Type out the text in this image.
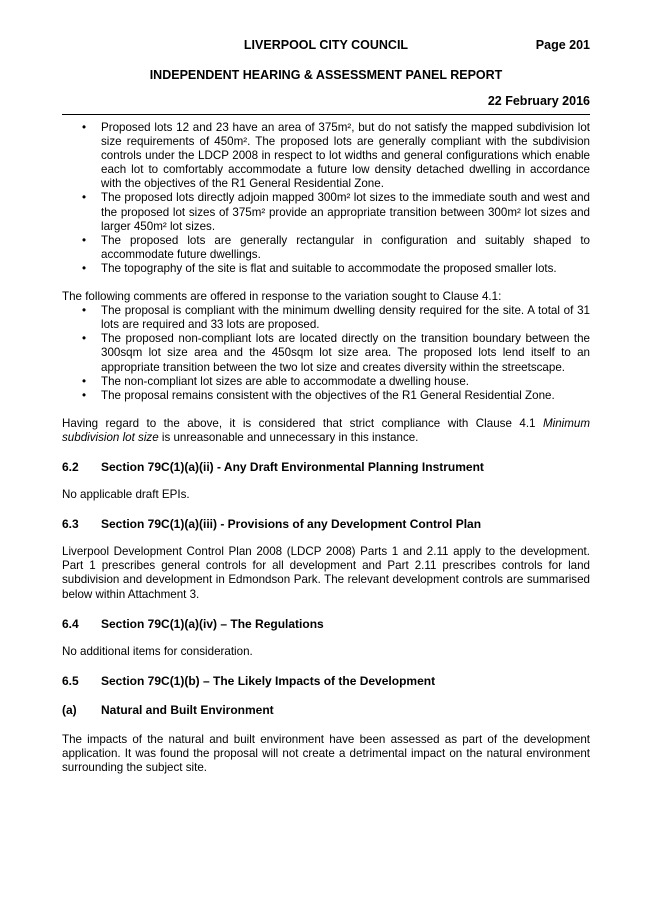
LIVERPOOL CITY COUNCIL	Page 201
INDEPENDENT HEARING & ASSESSMENT PANEL REPORT
22 February 2016
• Proposed lots 12 and 23 have an area of 375m², but do not satisfy the mapped subdivision lot size requirements of 450m². The proposed lots are generally compliant with the subdivision controls under the LDCP 2008 in respect to lot widths and general configurations which enable each lot to comfortably accommodate a future low density detached dwelling in accordance with the objectives of the R1 General Residential Zone.
• The proposed lots directly adjoin mapped 300m² lot sizes to the immediate south and west and the proposed lot sizes of 375m² provide an appropriate transition between 300m² lot sizes and larger 450m² lot sizes.
• The proposed lots are generally rectangular in configuration and suitably shaped to accommodate future dwellings.
• The topography of the site is flat and suitable to accommodate the proposed smaller lots.

The following comments are offered in response to the variation sought to Clause 4.1:

• The proposal is compliant with the minimum dwelling density required for the site. A total of 31 lots are required and 33 lots are proposed.
• The proposed non-compliant lots are located directly on the transition boundary between the 300sqm lot size area and the 450sqm lot size area. The proposed lots lend itself to an appropriate transition between the two lot size and creates diversity within the streetscape.
• The non-compliant lot sizes are able to accommodate a dwelling house.
• The proposal remains consistent with the objectives of the R1 General Residential Zone.

Having regard to the above, it is considered that strict compliance with Clause 4.1 Minimum subdivision lot size is unreasonable and unnecessary in this instance.

6.2 Section 79C(1)(a)(ii) - Any Draft Environmental Planning Instrument

No applicable draft EPIs.

6.3 Section 79C(1)(a)(iii) - Provisions of any Development Control Plan

Liverpool Development Control Plan 2008 (LDCP 2008) Parts 1 and 2.11 apply to the development. Part 1 prescribes general controls for all development and Part 2.11 prescribes controls for land subdivision and development in Edmondson Park. The relevant development controls are summarised below within Attachment 3.

6.4 Section 79C(1)(a)(iv) – The Regulations

No additional items for consideration.

6.5 Section 79C(1)(b) – The Likely Impacts of the Development
(a) Natural and Built Environment

The impacts of the natural and built environment have been assessed as part of the development application. It was found the proposal will not create a detrimental impact on the natural environment surrounding the subject site.
